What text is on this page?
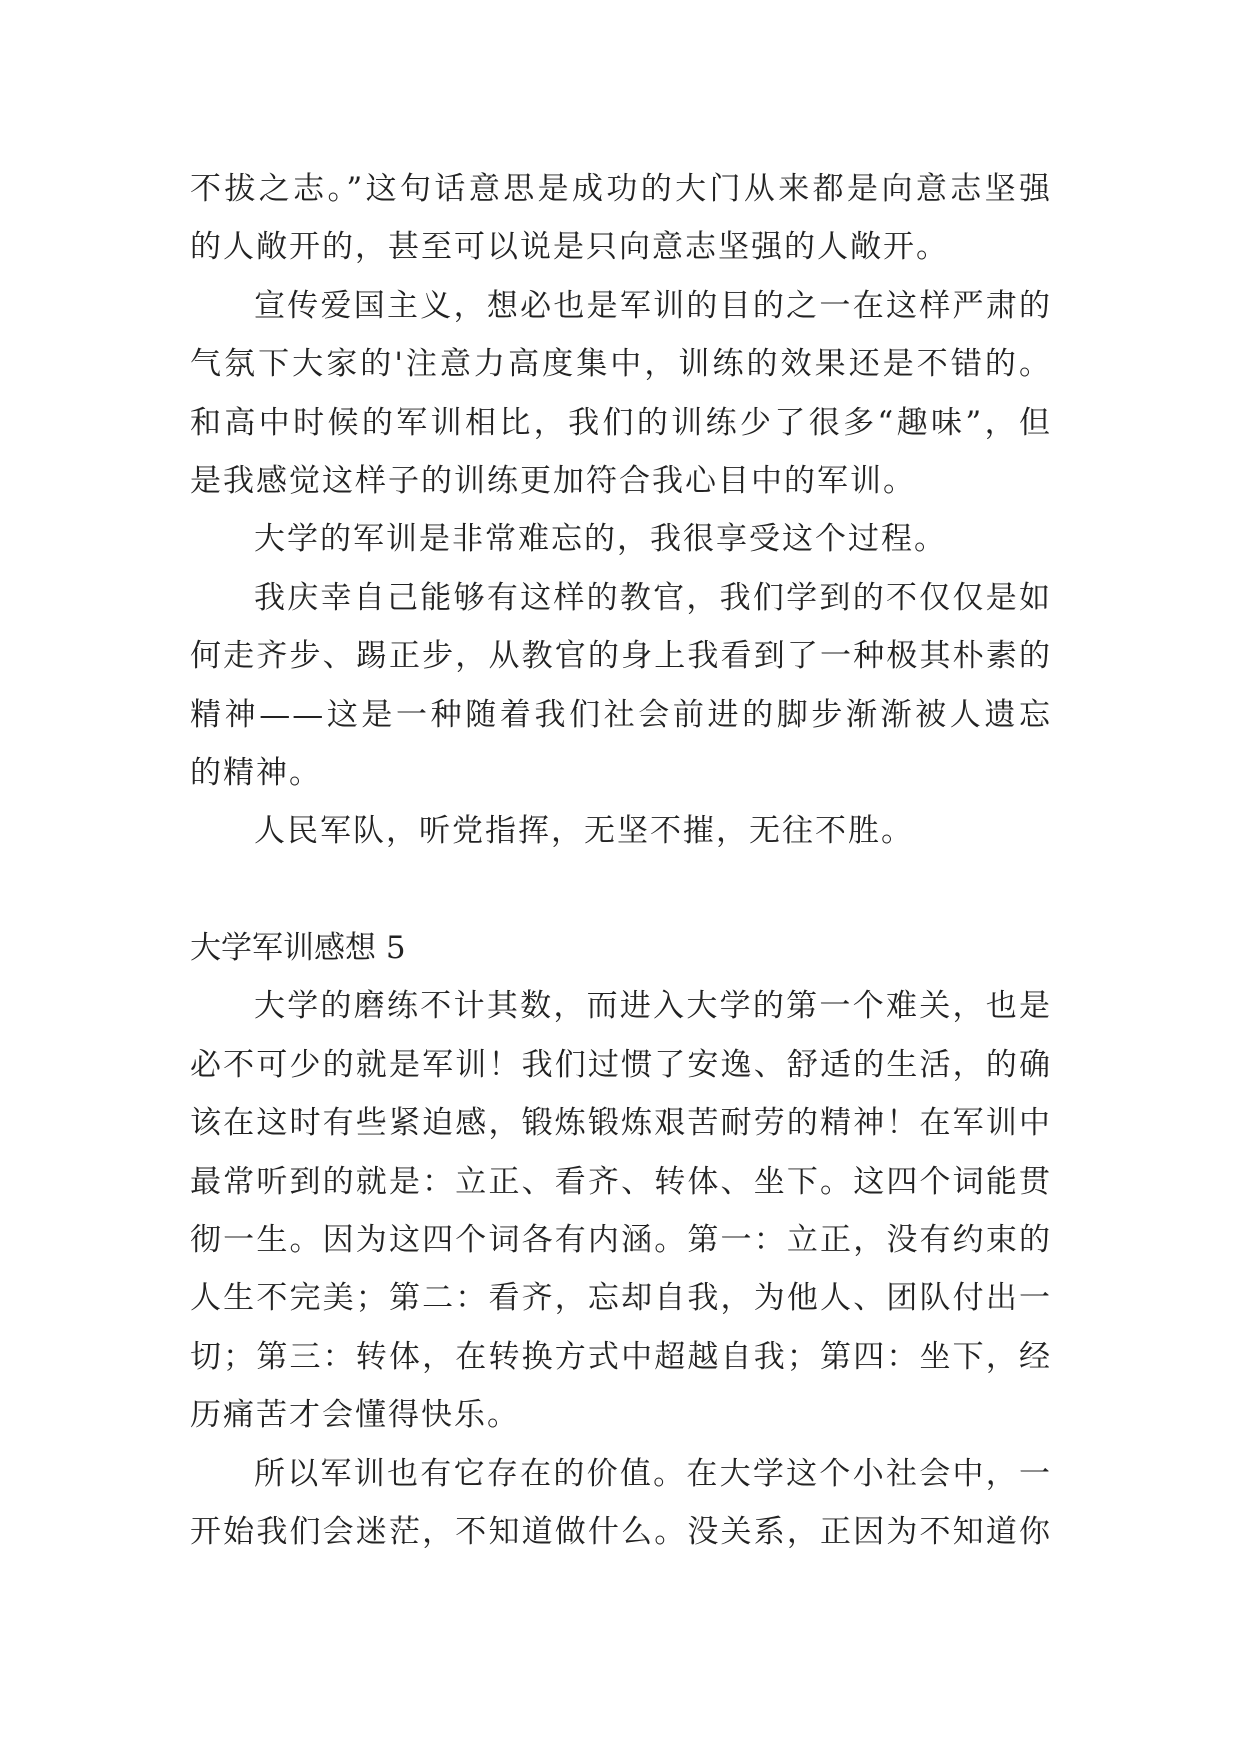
不拔之志。”这句话意思是成功的大门从来都是向意志坚强
的人敞开的，甚至可以说是只向意志坚强的人敞开。
宣传爱国主义，想必也是军训的目的之一在这样严肃的
气氛下大家的'注意力高度集中，训练的效果还是不错的。
和高中时候的军训相比，我们的训练少了很多“趣味”，但
是我感觉这样子的训练更加符合我心目中的军训。
大学的军训是非常难忘的，我很享受这个过程。
我庆幸自己能够有这样的教官，我们学到的不仅仅是如
何走齐步、踢正步，从教官的身上我看到了一种极其朴素的
精神——这是一种随着我们社会前进的脚步渐渐被人遗忘
的精神。
人民军队，听党指挥，无坚不摧，无往不胜。
大学军训感想 5
大学的磨练不计其数，而进入大学的第一个难关，也是
必不可少的就是军训！我们过惯了安逸、舒适的生活，的确
该在这时有些紧迫感，锻炼锻炼艰苦耐劳的精神！在军训中
最常听到的就是：立正、看齐、转体、坐下。这四个词能贯
彻一生。因为这四个词各有内涵。第一：立正，没有约束的
人生不完美；第二：看齐，忘却自我，为他人、团队付出一
切；第三：转体，在转换方式中超越自我；第四：坐下，经
历痛苦才会懂得快乐。
所以军训也有它存在的价值。在大学这个小社会中，一
开始我们会迷茫，不知道做什么。没关系，正因为不知道你
